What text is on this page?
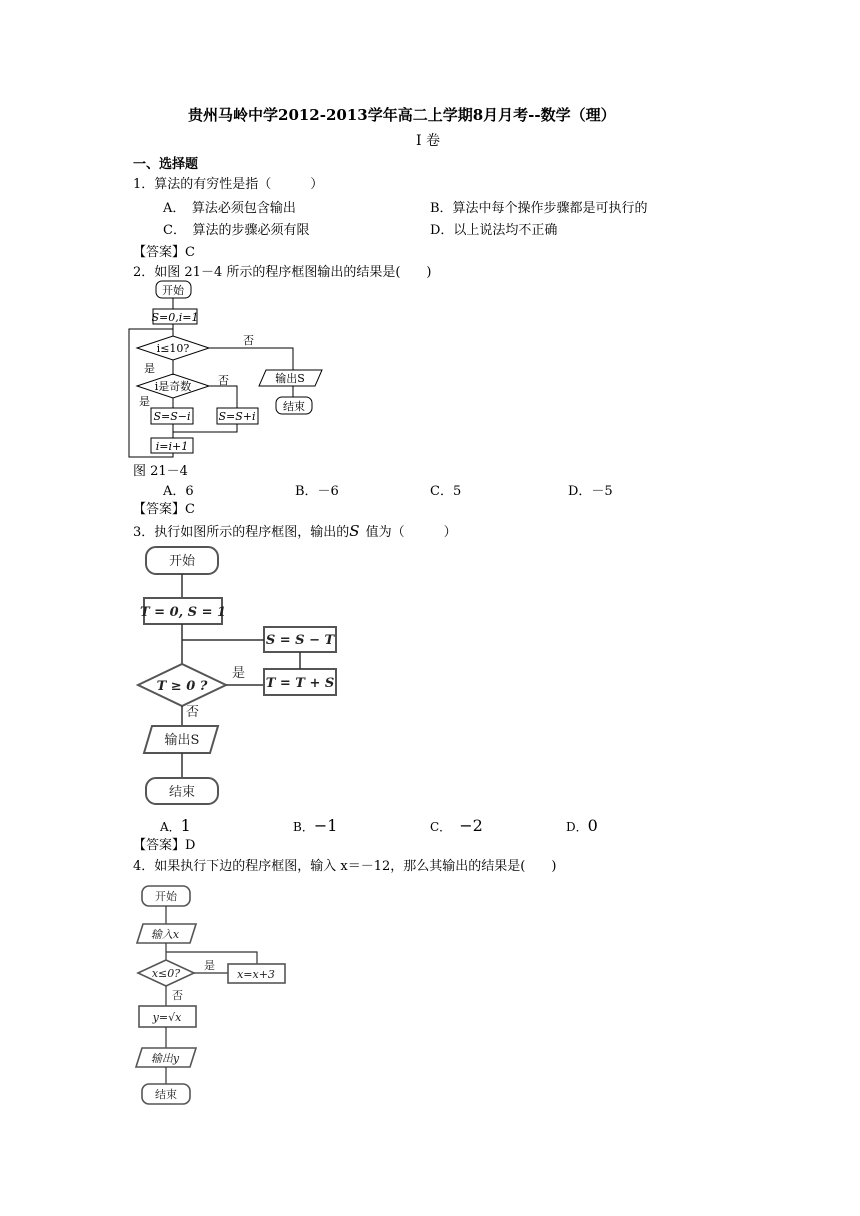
贵州马岭中学2012-2013学年高二上学期8月月考--数学（理）
I 卷
一、选择题
1．算法的有穷性是指（　　　）
A．　算法必须包含输出	B．算法中每个操作步骤都是可执行的
C．　算法的步骤必须有限	D．以上说法均不正确
【答案】C
2．如图 21－4 所示的程序框图输出的结果是(　　)
开始
S=0,i=1
i≤10?
否
输出S
结束
是
i是奇数 否
是
S=S−i	S=S+i
i=i+1
图 21－4
A．6	B．－6	C．5	D．－5
【答案】C
3．执行如图所示的程序框图，输出的S 值为（　　　）
开始
T = 0, S = 1
S = S − T
T ≥ 0 ?
是
T = T + S
否
输出S
结束
A．1	B．−1	C． −2	D．0
【答案】D
4．如果执行下边的程序框图，输入 x＝－12，那么其输出的结果是(　　)
开始
输入x
x≤0?
是
x=x+3
否
y=√x
输出y
结束
